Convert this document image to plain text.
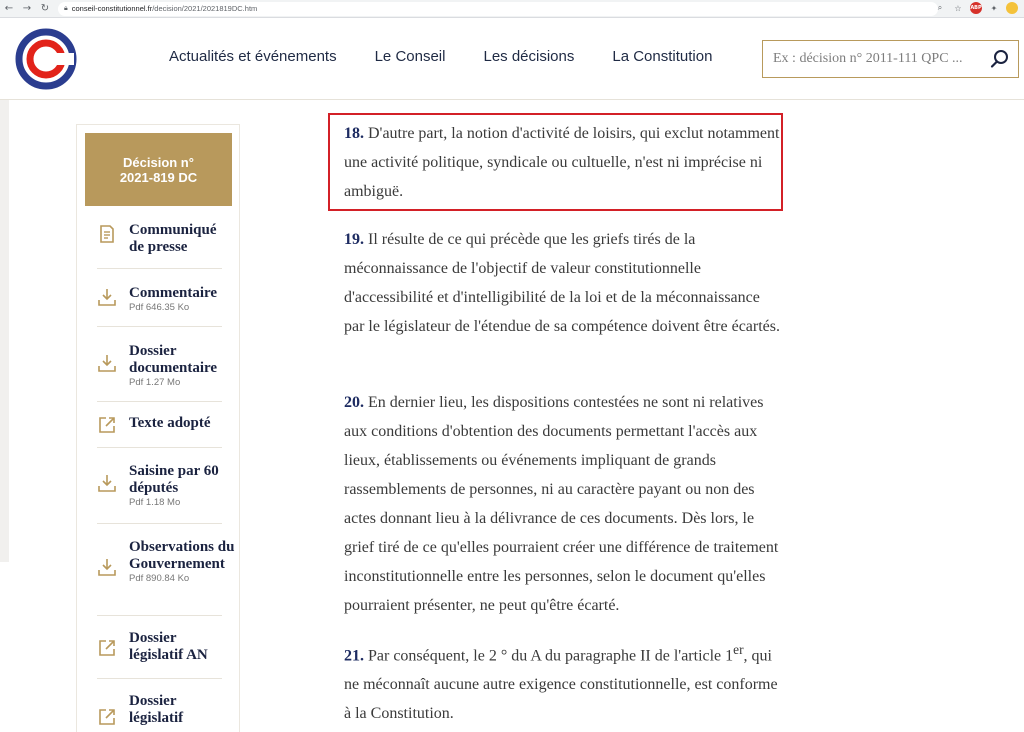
← → ↻	🔒︎ conseil-constitutionnel.fr /decision/2021/2021819DC.htm	⌕	☆	ABP	✦
Actualités et événements	Le Conseil	Les décisions	La Constitution
Ex : décision n° 2011-111 QPC ...
Décision n°
2021-819 DC
Communiqué de presse
Commentaire
Pdf 646.35 Ko
Dossier documentaire
Pdf 1.27 Mo
Texte adopté
Saisine par 60 députés
Pdf 1.18 Mo
Observations du Gouvernement
Pdf 890.84 Ko
Dossier législatif AN
Dossier législatif

18. D'autre part, la notion d'activité de loisirs, qui exclut notamment une activité politique, syndicale ou cultuelle, n'est ni imprécise ni ambiguë.

19. Il résulte de ce qui précède que les griefs tirés de la méconnaissance de l'objectif de valeur constitutionnelle d'accessibilité et d'intelligibilité de la loi et de la méconnaissance par le législateur de l'étendue de sa compétence doivent être écartés.

20. En dernier lieu, les dispositions contestées ne sont ni relatives aux conditions d'obtention des documents permettant l'accès aux lieux, établissements ou événements impliquant de grands rassemblements de personnes, ni au caractère payant ou non des actes donnant lieu à la délivrance de ces documents. Dès lors, le grief tiré de ce qu'elles pourraient créer une différence de traitement inconstitutionnelle entre les personnes, selon le document qu'elles pourraient présenter, ne peut qu'être écarté.

21. Par conséquent, le 2 ° du A du paragraphe II de l'article 1er, qui ne méconnaît aucune autre exigence constitutionnelle, est conforme à la Constitution.
